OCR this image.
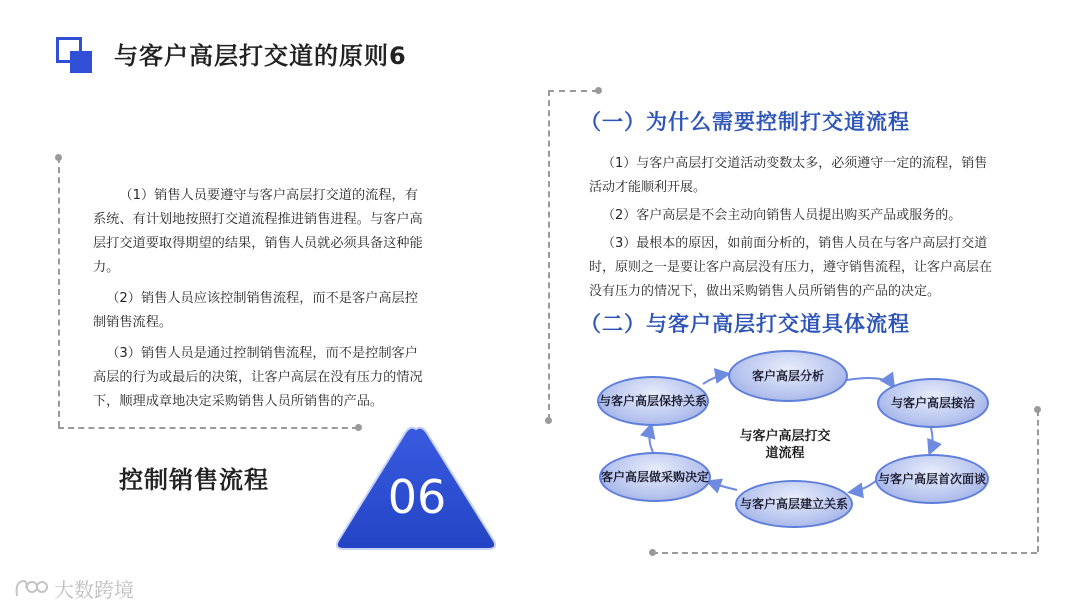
与客户高层打交道的原则6

（1）销售人员要遵守与客户高层打交道的流程，有系统、有计划地按照打交道流程推进销售进程。与客户高层打交道要取得期望的结果，销售人员就必须具备这种能力。

（2）销售人员应该控制销售流程，而不是客户高层控制销售流程。

（3）销售人员是通过控制销售流程，而不是控制客户高层的行为或最后的决策，让客户高层在没有压力的情况下，顺理成章地决定采购销售人员所销售的产品。

控制销售流程	06
（一）为什么需要控制打交道流程

（1）与客户高层打交道活动变数太多，必须遵守一定的流程，销售活动才能顺利开展。

（2）客户高层是不会主动向销售人员提出购买产品或服务的。

（3）最根本的原因，如前面分析的，销售人员在与客户高层打交道时，原则之一是要让客户高层没有压力，遵守销售流程，让客户高层在没有压力的情况下，做出采购销售人员所销售的产品的决定。

（二）与客户高层打交道具体流程
客户高层分析
与客户高层接洽
与客户高层首次面谈
与客户高层建立关系
客户高层做采购决定
与客户高层保持关系
与客户高层打交道流程
大数跨境
